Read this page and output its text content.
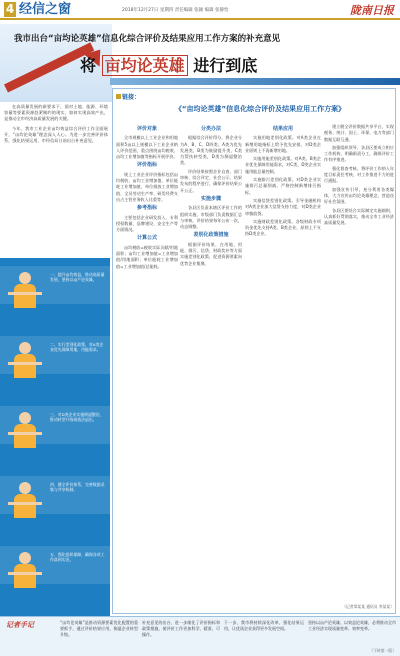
4 经信之窗	2018年12月27日 星期四 责任编辑 张颖 编辑 张静怡	陇南日报
我市出台“亩均论英雄”信息化综合评价及结果应用工作方案的补充意见
将 亩均论英雄 进行到底

在高质量发展的新要求下，面对土地、能源、环境容量等要素资源趋紧制约的现实，如何实现高效产出，是推动全市经济高质量发展的关键。

今年，我市工业企业亩均效益综合评价工作全面展开，“亩均论英雄”理念深入人心。为进一步完善评价体系，强化结果运用，市经信局日前出台补充意见。

一、提升亩均效益，推动高质量发展，坚持以亩产论英雄。
二、实行差别化政策，对A类企业优先保障用地、用能需求。
三、对D类企业实施倒逼整治，推动转型升级或依法退出。
四、健全评价体系，完善数据采集与共享机制。
五、强化组织保障，确保各项工作落到实处。
链接：
《“亩均论英雄”信息化综合评价及结果应用工作方案》
评价对象

全市规模以上工业企业和用地面积5亩以上规模以下工业企业纳入评价范围，重点围绕亩均税收、亩均工业增加值等指标开展评价。

评价指标

规上工业企业评价指标包括亩均税收、亩均工业增加值、单位能耗工业增加值、单位排放工业增加值、全员劳动生产率、研发经费支出占主营业务收入比重等。

参考指标

主要包括企业研发投入、专利授权数量、品牌建设、安全生产等方面情况。

计算公式

亩均税收=税收实际贡献/用地面积；亩均工业增加值=工业增加值/用地面积；单位能耗工业增加值=工业增加值/总能耗。

分类办法

根据综合评价得分，将企业分为A、B、C、D四类。A类为优先发展类，B类为鼓励提升类，C类为帮扶转型类，D类为倒逼整治类。

评价结果按照企业自查、部门审核、综合评定、社会公示、结果发布的程序进行，确保评价结果公开公正。

实施步骤

各县区负责本辖区评价工作的组织实施，市级部门负责数据汇总与审核，评价结果每年公布一次，动态调整。

差别化政策措施

根据评价结果，在用地、用能、排污、信贷、财政奖补等方面实施差别化政策，促进资源要素向优势企业集聚。

结果应用

实施用地差别化政策。对A类企业在新增用地指标上给予优先安排，对D类企业原则上不再新增用地。

实施用能差别化政策。对A类、B类企业优先保障用能需求，对C类、D类企业实施用能总量控制。

实施排污差别化政策。对D类企业实施排污总量削减，严格控制新增排污指标。

实施信贷差别化政策。引导金融机构对A类企业加大信贷支持力度，对D类企业审慎放贷。

实施财政差别化政策。各级财政专项资金优先支持A类、B类企业，原则上不支持D类企业。

建立健全评价数据共享平台，实现税务、统计、国土、环保、电力等部门数据互联互通。

加强组织领导。各县区要成立相应工作机构，明确职责分工，确保评价工作有序推进。

强化督查考核。将评价工作纳入年度目标责任考核，对工作推进不力的进行通报。

加强宣传引导。充分利用各类媒体，大力宣传亩均论英雄理念，营造良好社会氛围。

各县区要结合实际制定实施细则，认真抓好贯彻落实，推动全市工业经济高质量发展。

（记者郑某某 通讯员 李某某）
记者手记	“亩均论英雄”是推动资源要素优化配置的重要抓手，通过评价结果应用，倒逼企业转型升级。
补充意见的出台，进一步细化了评价指标和政策措施，使评价工作更加科学、精准、可操作。
下一步，我市将持续深化改革，强化结果运用，让优质企业获得更多发展空间。
坚持以亩产论英雄、以效益论英雄，必将推动全市工业经济实现质量变革、效率变革。
（下转第一版）
